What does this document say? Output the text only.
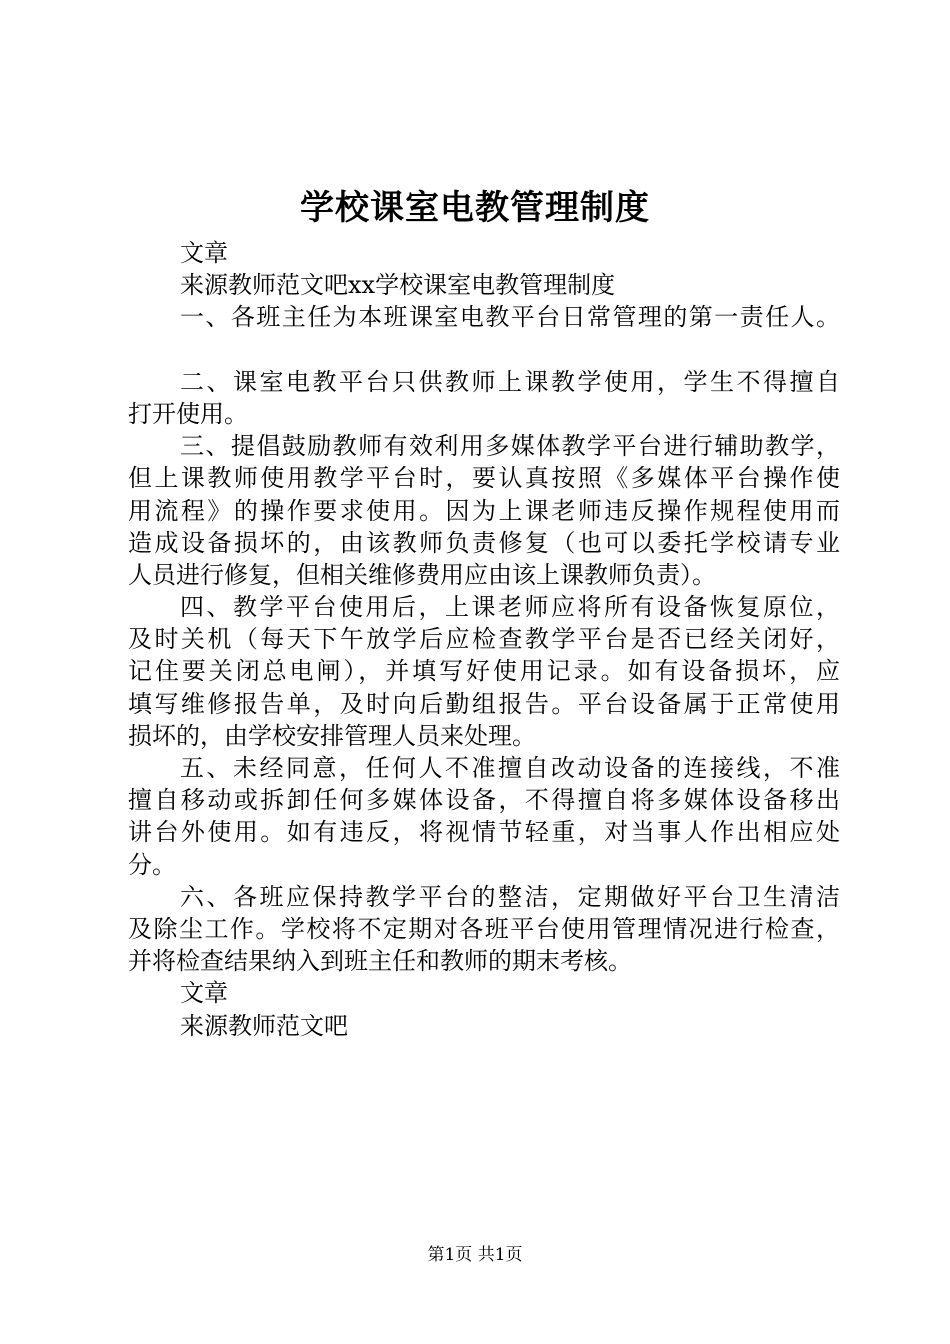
学校课室电教管理制度
文章
来源教师范文吧xx学校课室电教管理制度
一、各班主任为本班课室电教平台日常管理的第一责任人。
二、课室电教平台只供教师上课教学使用，学生不得擅自
打开使用。
三、提倡鼓励教师有效利用多媒体教学平台进行辅助教学，
但上课教师使用教学平台时，要认真按照《多媒体平台操作使
用流程》的操作要求使用。因为上课老师违反操作规程使用而
造成设备损坏的，由该教师负责修复（也可以委托学校请专业
人员进行修复，但相关维修费用应由该上课教师负责）。
四、教学平台使用后，上课老师应将所有设备恢复原位，
及时关机（每天下午放学后应检查教学平台是否已经关闭好，
记住要关闭总电闸），并填写好使用记录。如有设备损坏，应
填写维修报告单，及时向后勤组报告。平台设备属于正常使用
损坏的，由学校安排管理人员来处理。
五、未经同意，任何人不准擅自改动设备的连接线，不准
擅自移动或拆卸任何多媒体设备，不得擅自将多媒体设备移出
讲台外使用。如有违反，将视情节轻重，对当事人作出相应处
分。
六、各班应保持教学平台的整洁，定期做好平台卫生清洁
及除尘工作。学校将不定期对各班平台使用管理情况进行检查，
并将检查结果纳入到班主任和教师的期末考核。
文章
来源教师范文吧
第1页 共1页
